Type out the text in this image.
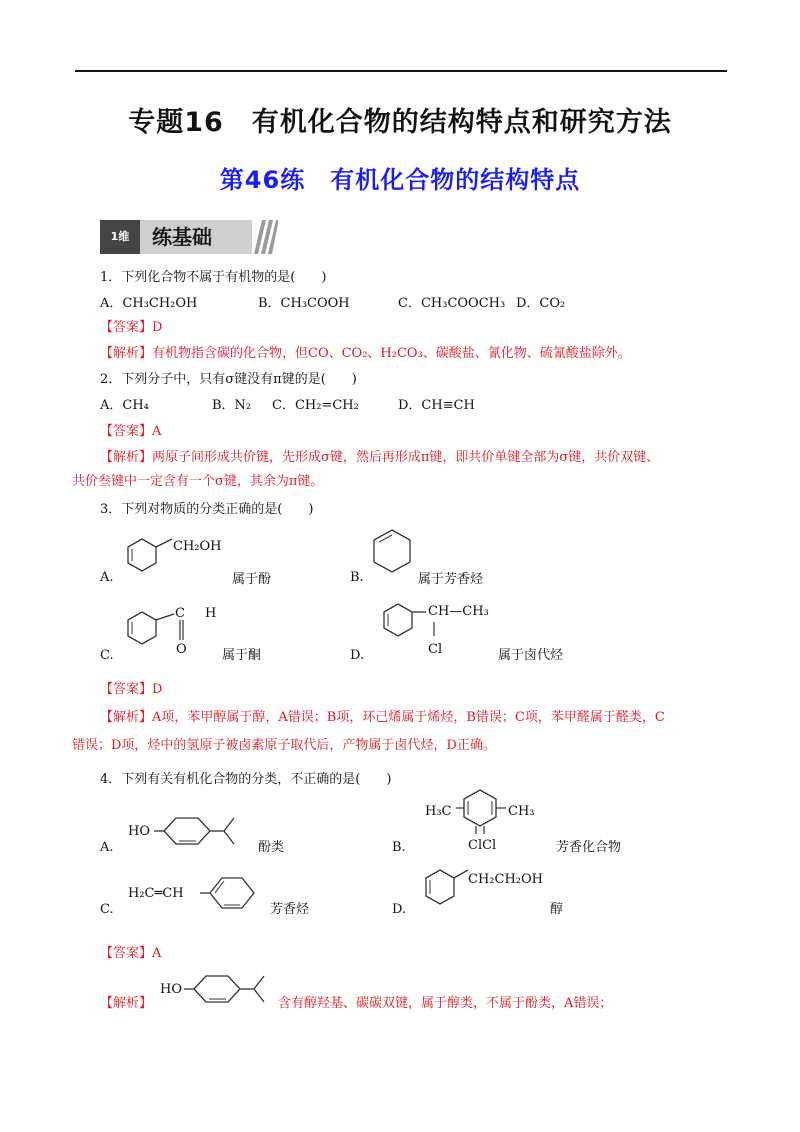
专题16　有机化合物的结构特点和研究方法
第46练　有机化合物的结构特点
1维	练基础
1．下列化合物不属于有机物的是(　　)
A．CH₃CH₂OH	B．CH₃COOH	C．CH₃COOCH₃ D．CO₂
【答案】D
【解析】有机物指含碳的化合物，但CO、CO₂、H₂CO₃、碳酸盐、氰化物、硫氰酸盐除外。
2．下列分子中，只有σ键没有π键的是(　　)
A．CH₄	B．N₂ C．CH₂=CH₂	D．CH≡CH
【答案】A
【解析】两原子间形成共价键，先形成σ键，然后再形成π键，即共价单键全部为σ键，共价双键、
共价叁键中一定含有一个σ键，其余为π键。
3．下列对物质的分类正确的是(　　)
A.
CH₂OH
属于酚	B.	属于芳香烃
C.
C H
O	属于酮	D.
CH—CH₃
Cl	属于卤代烃
【答案】D
【解析】A项，苯甲醇属于醇，A错误；B项，环己烯属于烯烃，B错误；C项，苯甲醛属于醛类，C
错误；D项，烃中的氢原子被卤素原子取代后，产物属于卤代烃，D正确。
4．下列有关有机化合物的分类，不正确的是(　　)
A.
HO
酚类	B.
H₃C	CH₃
ClCl	芳香化合物
C.
H₂C═CH
芳香烃	D.
CH₂CH₂OH
醇
【答案】A
【解析】
HO
含有醇羟基、碳碳双键，属于醇类，不属于酚类，A错误；
